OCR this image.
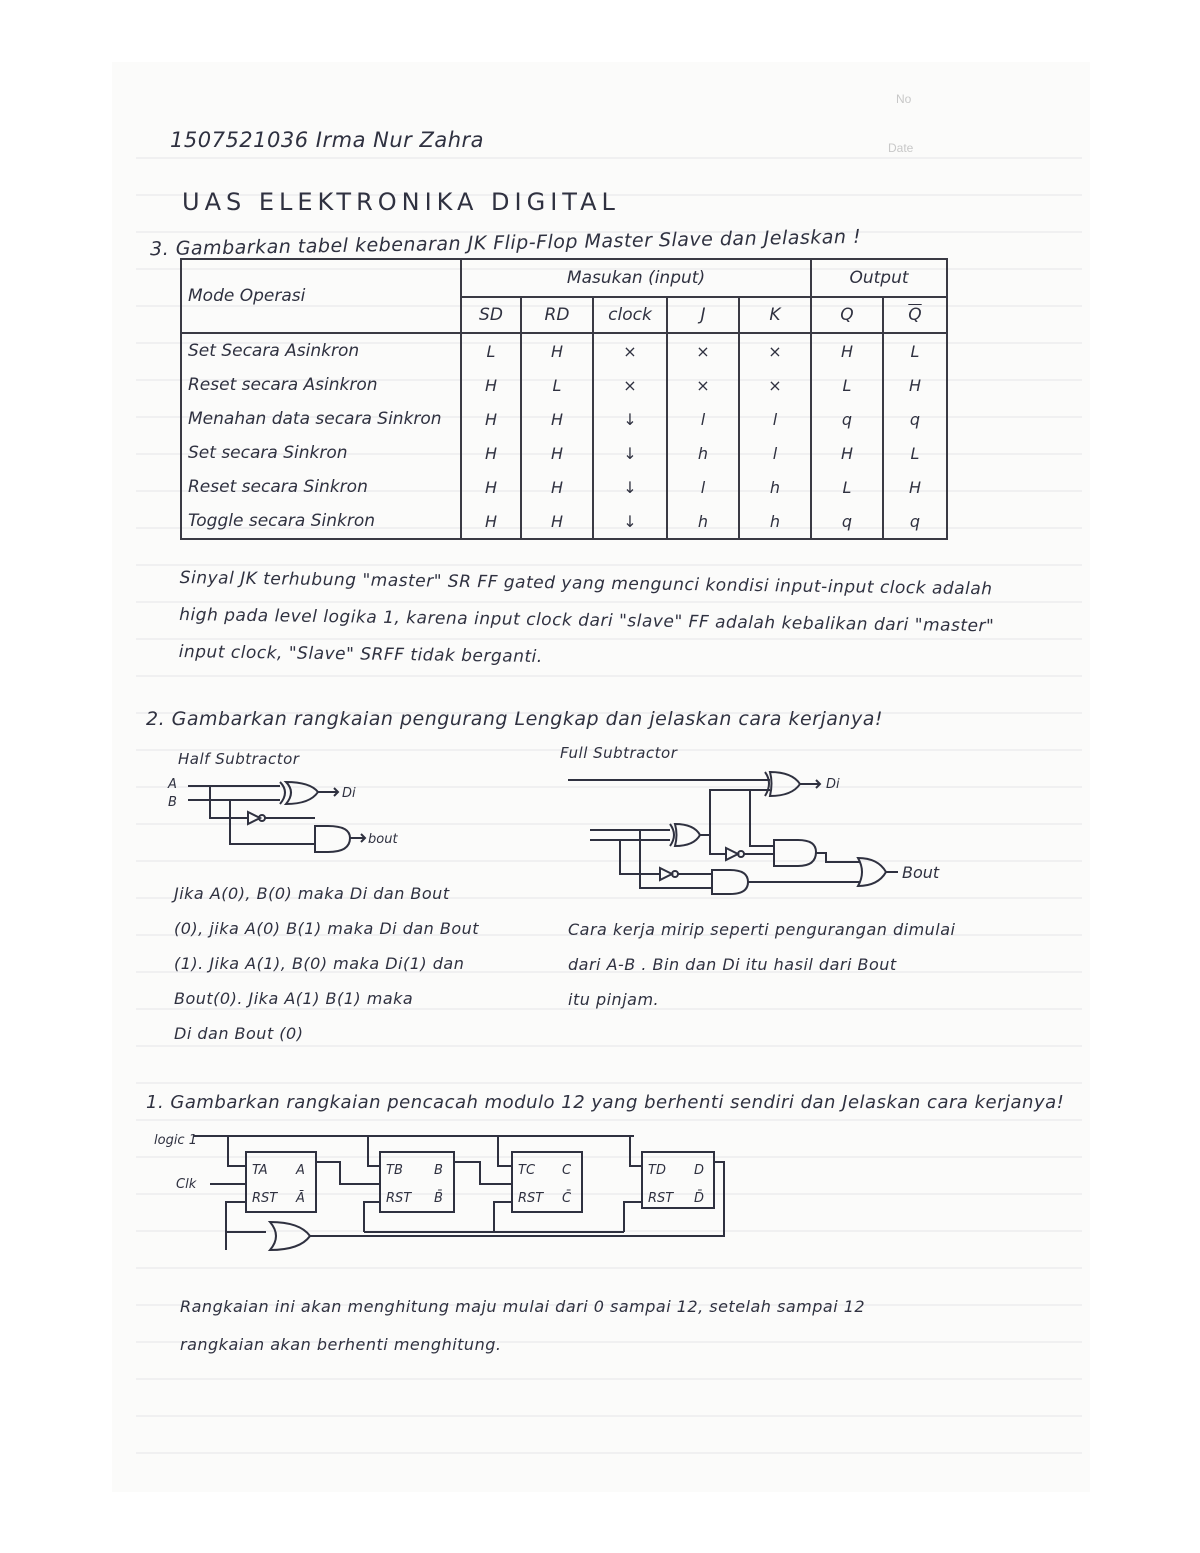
No
Date
1507521036 Irma Nur Zahra
UAS ELEKTRONIKA DIGITAL
3. Gambarkan tabel kebenaran JK Flip-Flop Master Slave dan Jelaskan !
Mode Operasi	Masukan (input)					Output	
	SD	RD	clock	J	K	Q	$\overline{Q}$
Set Secara Asinkron	L	H	×	×	×	H	L
Reset secara Asinkron	H	L	×	×	×	L	H
Menahan data secara Sinkron	H	H	↓	l	l	q	q
Set secara Sinkron	H	H	↓	h	l	H	L
Reset secara Sinkron	H	H	↓	l	h	L	H
Toggle secara Sinkron	H	H	↓	h	h	q	q
Sinyal JK terhubung "master" SR FF gated yang mengunci kondisi input-input clock adalah
high pada level logika 1, karena input clock dari "slave" FF adalah kebalikan dari "master"
input clock, "Slave" SRFF tidak berganti.
2. Gambarkan rangkaian pengurang Lengkap dan jelaskan cara kerjanya!
Half Subtractor	Full Subtractor
A
B
Di
bout
Di
Bout
Jika A(0), B(0) maka Di dan Bout
(0), jika A(0) B(1) maka Di dan Bout
(1). Jika A(1), B(0) maka Di(1) dan
Bout(0). Jika A(1) B(1) maka
Di dan Bout (0)
Cara kerja mirip seperti pengurangan dimulai
dari A-B . Bin dan Di itu hasil dari Bout
itu pinjam.
1. Gambarkan rangkaian pencacah modulo 12 yang berhenti sendiri dan Jelaskan cara kerjanya!
logic 1
Clk
TA A
RST Ā
TB B
RST B̄
TC C
RST C̄
TD D
RST D̄
Rangkaian ini akan menghitung maju mulai dari 0 sampai 12, setelah sampai 12
rangkaian akan berhenti menghitung.
